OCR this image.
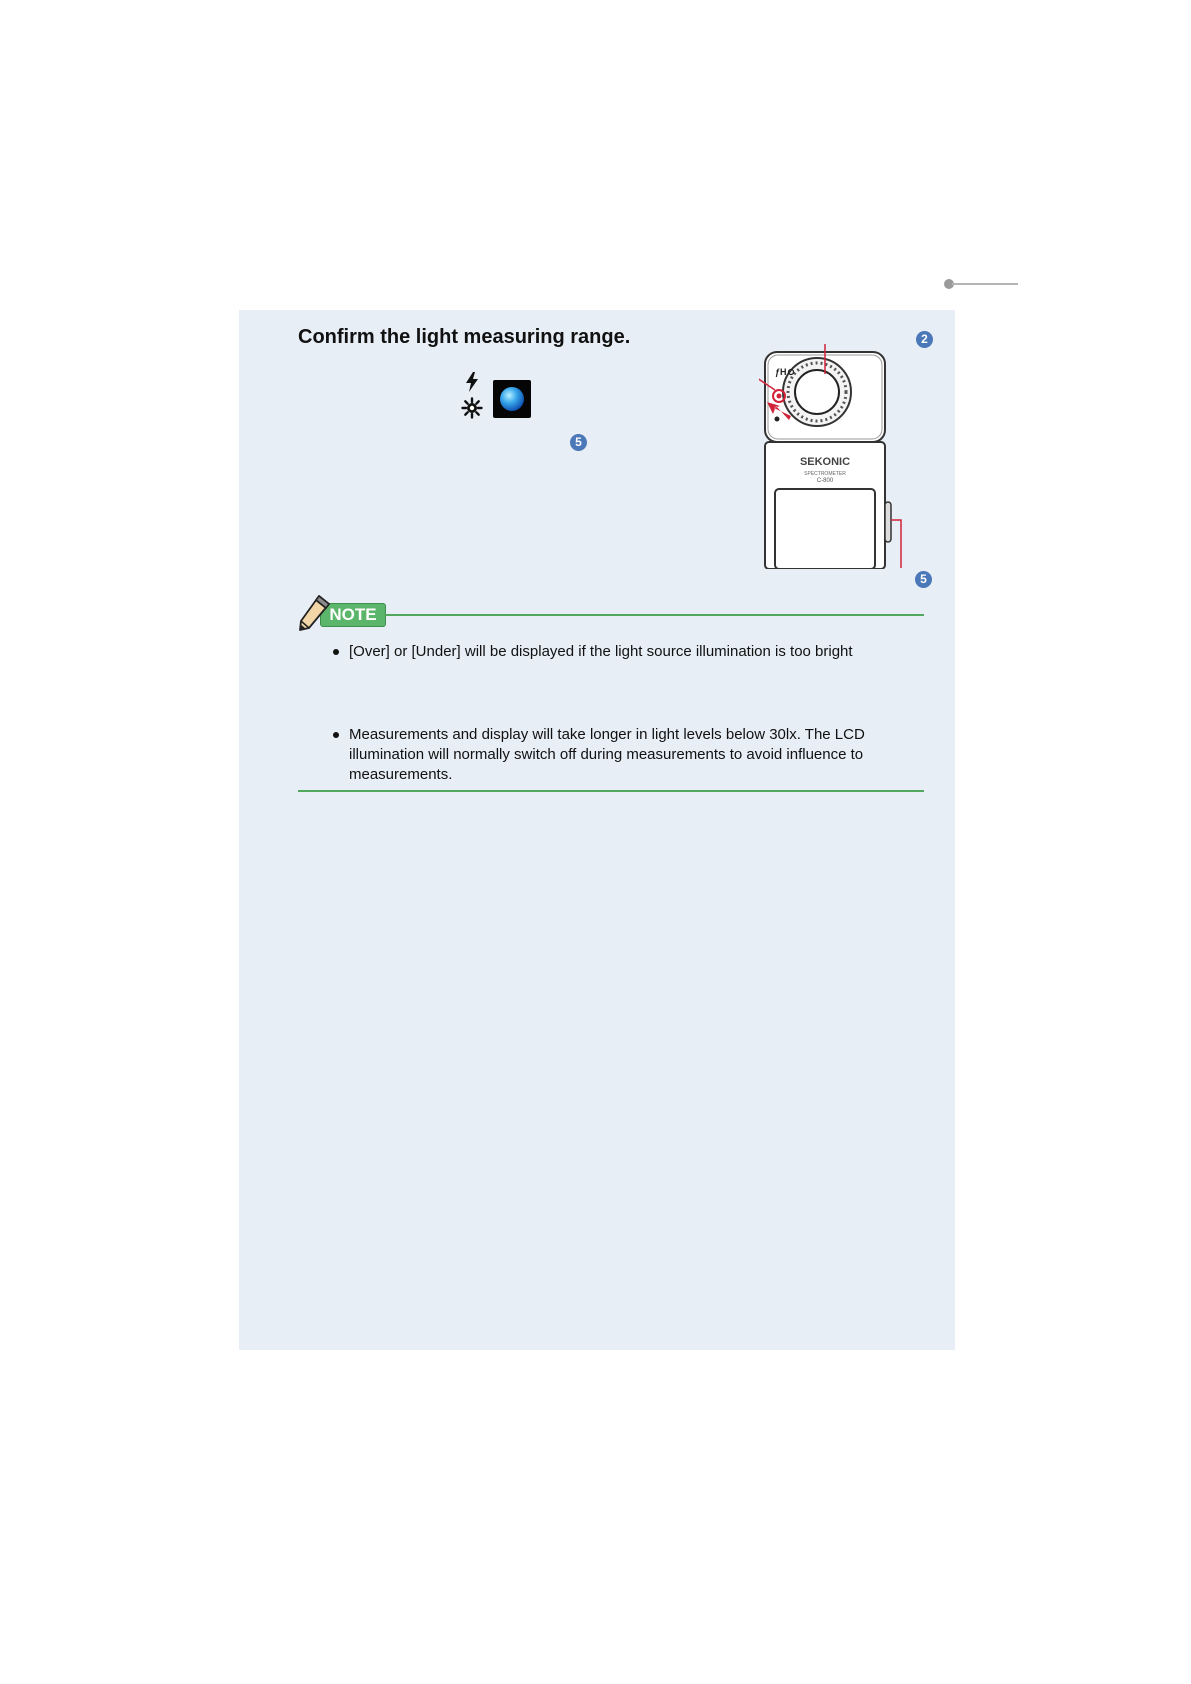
Confirm the light measuring range.	2
5
5
ƒH
SEKONIC
SPECTROMETER
C-800
NOTE
[Over] or [Under] will be displayed if the light source illumination is too bright
Measurements and display will take longer in light levels below 30lx. The LCD illumination will normally switch off during measurements to avoid influence to measurements.
